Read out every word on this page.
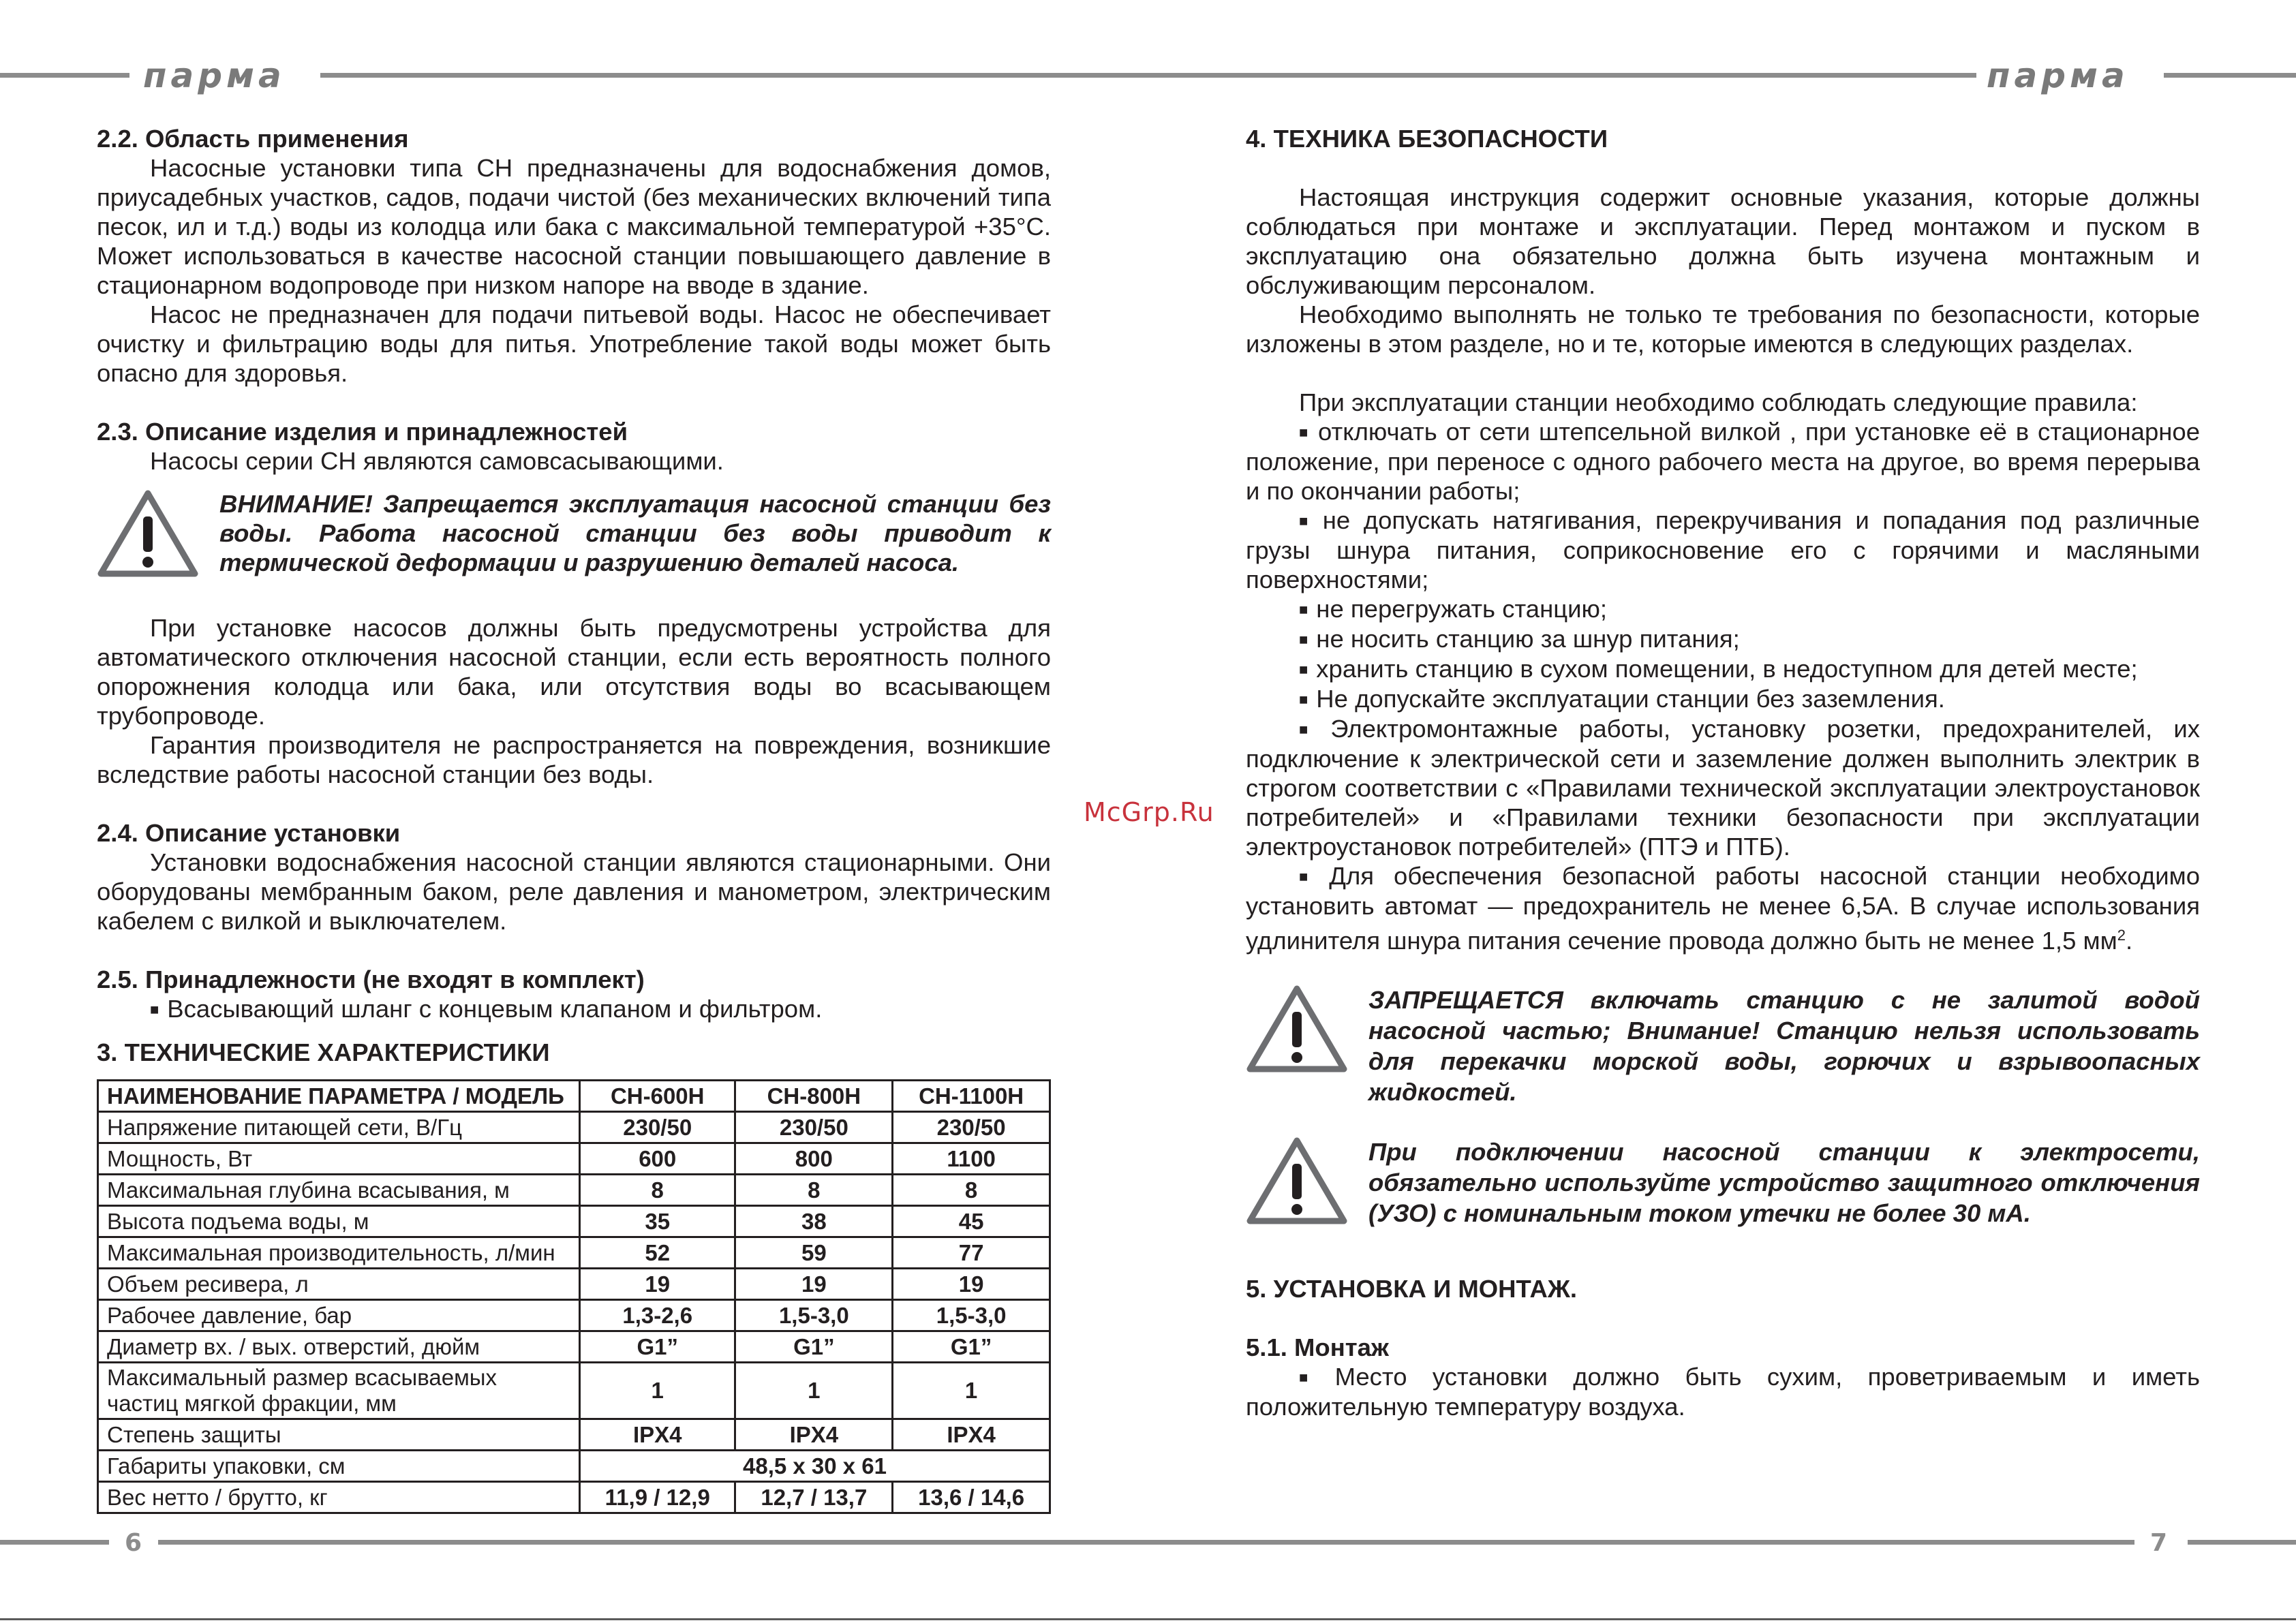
парма	парма
6	7
McGrp.Ru

2.2. Область применения

Насосные установки типа СН предназначены для водоснабжения домов, приусадебных участков, садов, подачи чистой (без механических включений типа песок, ил и т.д.) воды из колодца или бака с максимальной температурой +35°С. Может использоваться в качестве насосной станции повышающего давление в стационарном водопроводе при низком напоре на вводе в здание.

Насос не предназначен для подачи питьевой воды. Насос не обеспечивает очистку и фильтрацию воды для питья. Употребление такой воды может быть опасно для здоровья.

2.3. Описание изделия и принадлежностей

Насосы серии СН являются самовсасывающими.

ВНИМАНИЕ! Запрещается эксплуатация насосной станции без воды. Работа насосной станции без воды приводит к термической деформации и разрушению деталей насоса.

При установке насосов должны быть предусмотрены устройства для автоматического отключения насосной станции, если есть вероятность полного опорожнения колодца или бака, или отсутствия воды во всасывающем трубопроводе.

Гарантия производителя не распространяется на повреждения, возникшие вследствие работы насосной станции без воды.

2.4. Описание установки

Установки водоснабжения насосной станции являются стационарными. Они оборудованы мембранным баком, реле давления и манометром, электрическим кабелем с вилкой и выключателем.

2.5. Принадлежности (не входят в комплект)

■ Всасывающий шланг с концевым клапаном и фильтром.

3. ТЕХНИЧЕСКИЕ ХАРАКТЕРИСТИКИ

НАИМЕНОВАНИЕ ПАРАМЕТРА / МОДЕЛЬ	СН-600Н	СН-800Н	СН-1100Н
Напряжение питающей сети, В/Гц	230/50	230/50	230/50
Мощность, Вт	600	800	1100
Максимальная глубина всасывания, м	8	8	8
Высота подъема воды, м	35	38	45
Максимальная производительность, л/мин	52	59	77
Объем ресивера, л	19	19	19
Рабочее давление, бар	1,3-2,6	1,5-3,0	1,5-3,0
Диаметр вх. / вых. отверстий, дюйм	G1”	G1”	G1”
Максимальный размер всасываемых частиц мягкой фракции, мм	1	1	1
Степень защиты	IPX4	IPX4	IPX4
Габариты упаковки, см	48,5 х 30 х 61		
Вес нетто / брутто, кг	11,9 / 12,9	12,7 / 13,7	13,6 / 14,6

4. ТЕХНИКА БЕЗОПАСНОСТИ

Настоящая инструкция содержит основные указания, которые должны соблюдаться при монтаже и эксплуатации. Перед монтажом и пуском в эксплуатацию она обязательно должна быть изучена монтажным и обслуживающим персоналом.

Необходимо выполнять не только те требования по безопасности, которые изложены в этом разделе, но и те, которые имеются в следующих разделах.

При эксплуатации станции необходимо соблюдать следующие правила:

■ отключать от сети штепсельной вилкой , при установке её в стационарное положение, при переносе с одного рабочего места на другое, во время перерыва и по окончании работы;

■ не допускать натягивания, перекручивания и попадания под различные грузы шнура питания, соприкосновение его с горячими и масляными поверхностями;

■ не перегружать станцию;

■ не носить станцию за шнур питания;

■ хранить станцию в сухом помещении, в недоступном для детей месте;

■ Не допускайте эксплуатации станции без заземления.

■ Электромонтажные работы, установку розетки, предохранителей, их подключение к электрической сети и заземление должен выполнить электрик в строгом соответствии с «Правилами технической эксплуатации электроустановок потребителей» и «Правилами техники безопасности при эксплуатации электроустановок потребителей» (ПТЭ и ПТБ).

■ Для обеспечения безопасной работы насосной станции необходимо установить автомат — предохранитель не менее 6,5А. В случае использования удлинителя шнура питания сечение провода должно быть не менее 1,5 $мм^2$.

ЗАПРЕЩАЕТСЯ включать станцию с не залитой водой насосной частью; Внимание! Станцию нельзя использовать для перекачки морской воды, горючих и взрывоопасных жидкостей.

При подключении насосной станции к электросети, обязательно используйте устройство защитного отключения (УЗО) с номинальным током утечки не более 30 мА.

5. УСТАНОВКА И МОНТАЖ.

5.1. Монтаж

■ Место установки должно быть сухим, проветриваемым и иметь положительную температуру воздуха.
